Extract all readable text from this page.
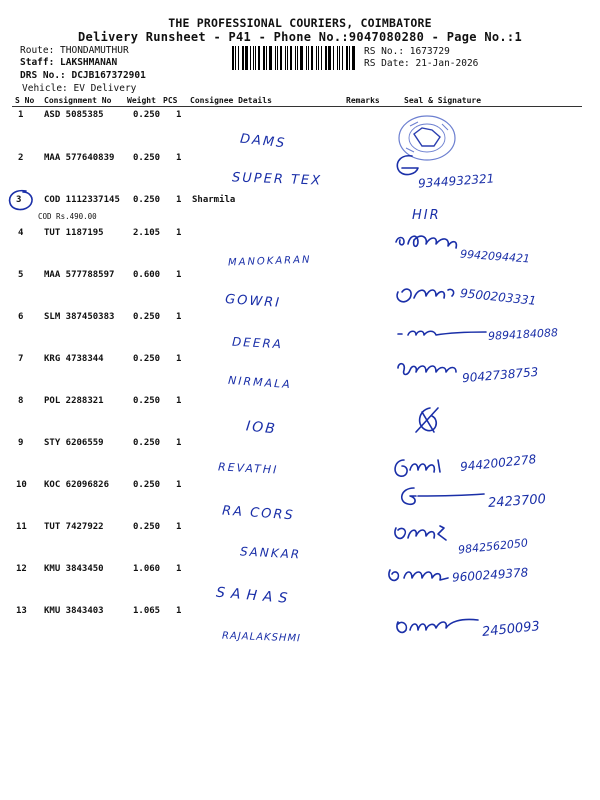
THE PROFESSIONAL COURIERS, COIMBATORE
Delivery Runsheet - P41 - Phone No.:9047080280 - Page No.:1
Route: THONDAMUTHUR
Staff: LAKSHMANAN
DRS No.: DCJB167372901
Vehicle: EV Delivery
RS No.: 1673729
RS Date: 21-Jan-2026
S No Consignment No Weight PCS Consignee Details	Remarks	Seal & Signature
1 ASD 5085385	0.250 1
DAMS
2 MAA 577640839 0.250 1
SUPER TEX	9344932321
3	COD 1112337145 0.250 1 Sharmila
COD Rs.490.00	HIR
4 TUT 1187195	2.105 1
MANOKARAN	9942094421
5 MAA 577788597 0.600 1
GOWRI	9500203331
6 SLM 387450383 0.250 1
DEERA
9894184088
7 KRG 4738344	0.250 1
NIRMALA	9042738753
8 POL 2288321	0.250 1
IOB
9 STY 6206559	0.250 1
REVATHI	9442002278
10 KOC 62096826	0.250 1
RA CORS
2423700
11 TUT 7427922	0.250 1
SANKAR	9842562050
12 KMU 3843450	1.060 1
SAHAS
9600249378
13 KMU 3843403	1.065 1
RAJALAKSHMI	2450093
